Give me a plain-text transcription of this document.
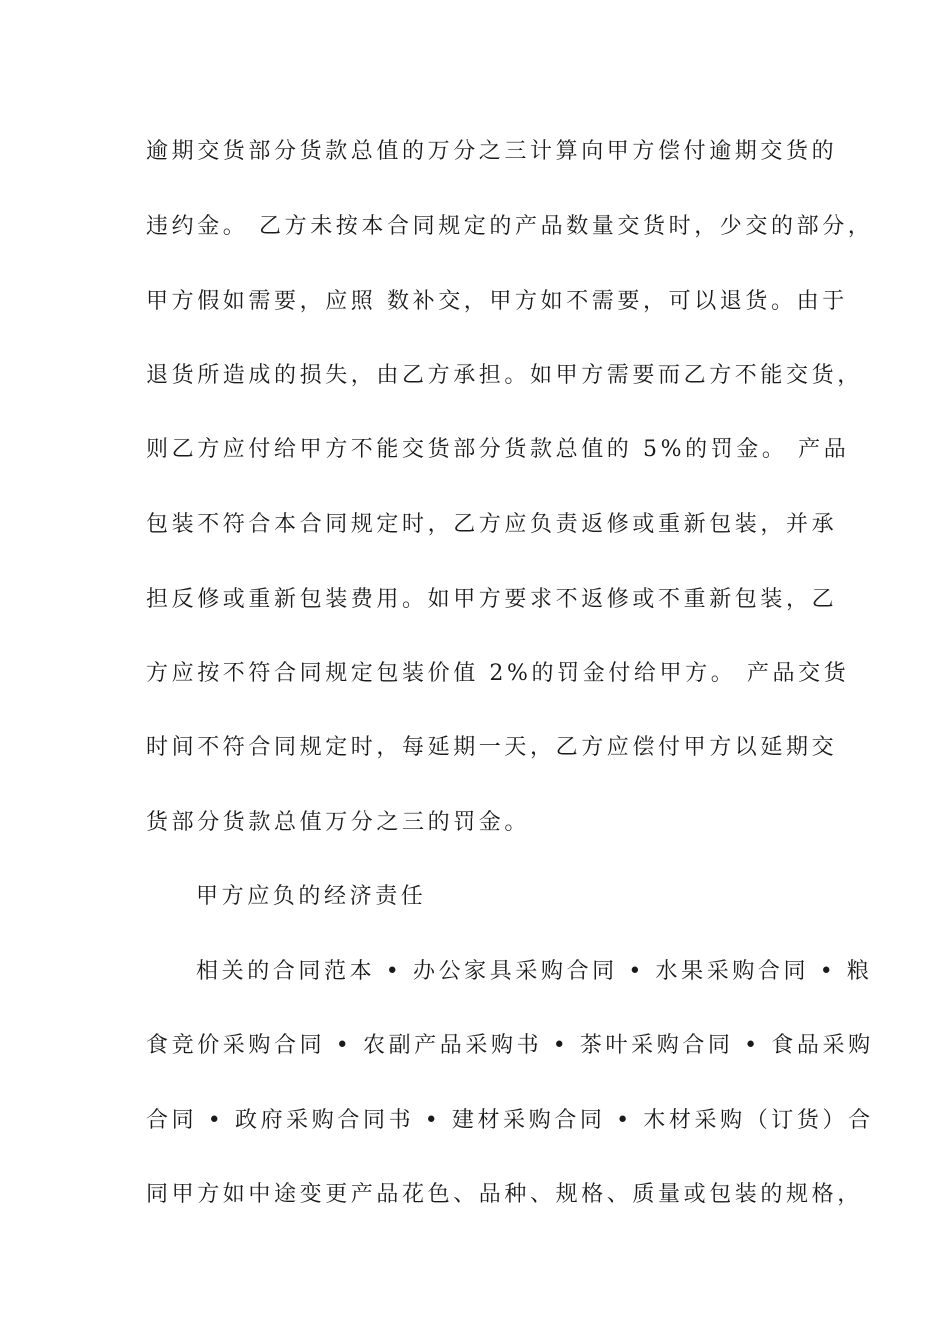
逾期交货部分货款总值的万分之三计算向甲方偿付逾期交货的
违约金。 乙方未按本合同规定的产品数量交货时，少交的部分，
甲方假如需要，应照 数补交，甲方如不需要，可以退货。由于
退货所造成的损失，由乙方承担。如甲方需要而乙方不能交货，
则乙方应付给甲方不能交货部分货款总值的 5%的罚金。 产品
包装不符合本合同规定时，乙方应负责返修或重新包装，并承
担反修或重新包装费用。如甲方要求不返修或不重新包装，乙
方应按不符合同规定包装价值 2%的罚金付给甲方。 产品交货
时间不符合同规定时，每延期一天，乙方应偿付甲方以延期交
货部分货款总值万分之三的罚金。
甲方应负的经济责任
相关的合同范本 • 办公家具采购合同 • 水果采购合同 • 粮
食竞价采购合同 • 农副产品采购书 • 茶叶采购合同 • 食品采购
合同 • 政府采购合同书 • 建材采购合同 • 木材采购（订货）合
同甲方如中途变更产品花色、品种、规格、质量或包装的规格，
